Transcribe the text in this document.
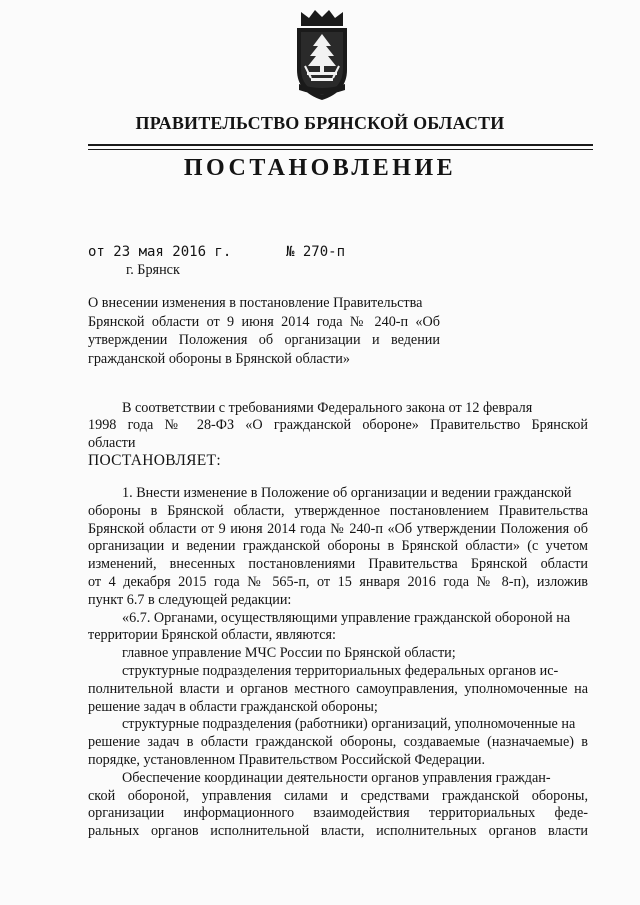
ПРАВИТЕЛЬСТВО БРЯНСКОЙ ОБЛАСТИ
ПОСТАНОВЛЕНИЕ
от 23 мая 2016 г.	№ 270-п
г. Брянск
О внесении изменения в постановление Правительства
Брянской области от 9 июня 2014 года № 240-п «Об
утверждении Положения об организации и ведении
гражданской обороны в Брянской области»
В соответствии с требованиями Федерального закона от 12 февраля
1998 года № 28-ФЗ «О гражданской обороне» Правительство Брянской
области
ПОСТАНОВЛЯЕТ:
1. Внести изменение в Положение об организации и ведении гражданской
обороны в Брянской области, утвержденное постановлением Правительства
Брянской области от 9 июня 2014 года № 240-п «Об утверждении Положения об
организации и ведении гражданской обороны в Брянской области» (с учетом
изменений, внесенных постановлениями Правительства Брянской области
от 4 декабря 2015 года № 565-п, от 15 января 2016 года № 8-п), изложив
пункт 6.7 в следующей редакции:
«6.7. Органами, осуществляющими управление гражданской обороной на
территории Брянской области, являются:
главное управление МЧС России по Брянской области;
структурные подразделения территориальных федеральных органов ис-
полнительной власти и органов местного самоуправления, уполномоченные на
решение задач в области гражданской обороны;
структурные подразделения (работники) организаций, уполномоченные на
решение задач в области гражданской обороны, создаваемые (назначаемые) в
порядке, установленном Правительством Российской Федерации.
Обеспечение координации деятельности органов управления граждан-
ской обороной, управления силами и средствами гражданской обороны,
организации информационного взаимодействия территориальных феде-
ральных органов исполнительной власти, исполнительных органов власти
